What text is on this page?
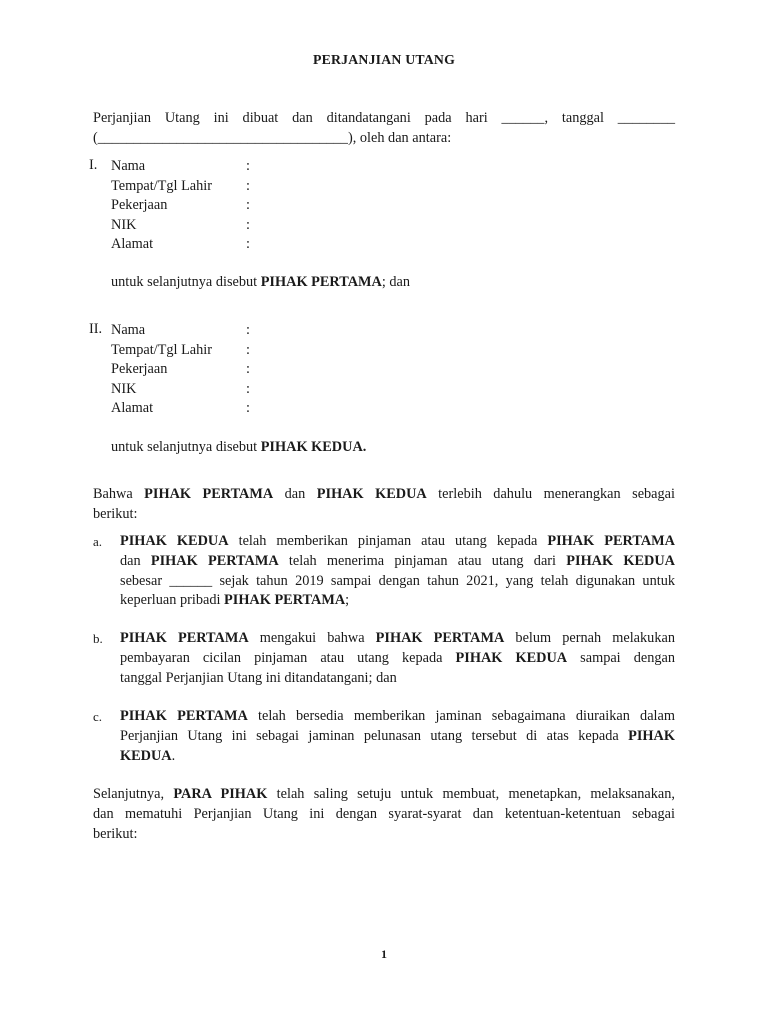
PERJANJIAN UTANG
Perjanjian Utang ini dibuat dan ditandatangani pada hari ______, tanggal ________
(___________________________________), oleh dan antara:
I. Nama	:
Tempat/Tgl Lahir :
Pekerjaan	:
NIK	:
Alamat	:
untuk selanjutnya disebut PIHAK PERTAMA; dan
II. Nama	:
Tempat/Tgl Lahir :
Pekerjaan	:
NIK	:
Alamat	:
untuk selanjutnya disebut PIHAK KEDUA.
Bahwa PIHAK PERTAMA dan PIHAK KEDUA terlebih dahulu menerangkan sebagai
berikut:
a. PIHAK KEDUA telah memberikan pinjaman atau utang kepada PIHAK PERTAMA
dan PIHAK PERTAMA telah menerima pinjaman atau utang dari PIHAK KEDUA
sebesar ______ sejak tahun 2019 sampai dengan tahun 2021, yang telah digunakan untuk
keperluan pribadi PIHAK PERTAMA;
b. PIHAK PERTAMA mengakui bahwa PIHAK PERTAMA belum pernah melakukan
pembayaran cicilan pinjaman atau utang kepada PIHAK KEDUA sampai dengan
tanggal Perjanjian Utang ini ditandatangani; dan
c. PIHAK PERTAMA telah bersedia memberikan jaminan sebagaimana diuraikan dalam
Perjanjian Utang ini sebagai jaminan pelunasan utang tersebut di atas kepada PIHAK
KEDUA.
Selanjutnya, PARA PIHAK telah saling setuju untuk membuat, menetapkan, melaksanakan,
dan mematuhi Perjanjian Utang ini dengan syarat-syarat dan ketentuan-ketentuan sebagai
berikut:
1
